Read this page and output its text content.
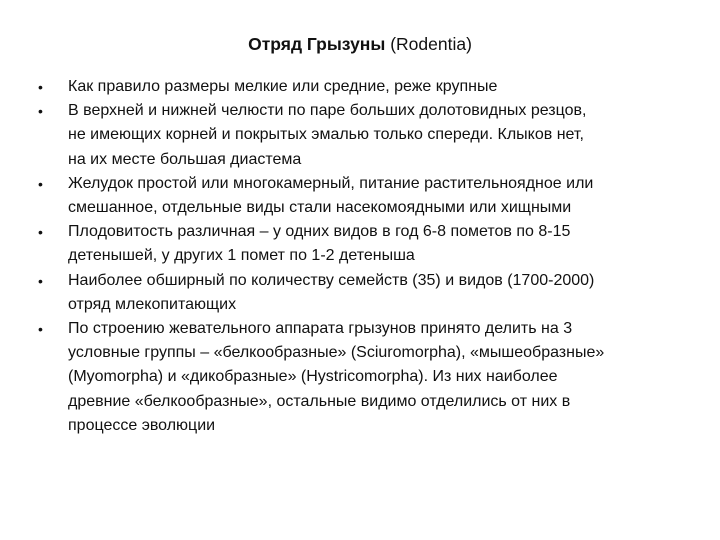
Отряд Грызуны (Rodentia)
• Как правило размеры мелкие или средние, реже крупные
• В верхней и нижней челюсти по паре больших долотовидных резцов,
не имеющих корней и покрытых эмалью только спереди. Клыков нет,
на их месте большая диастема
• Желудок простой или многокамерный, питание растительноядное или
смешанное, отдельные виды стали насекомоядными или хищными
• Плодовитость различная – у одних видов в год 6-8 пометов по 8-15
детенышей, у других 1 помет по 1-2 детеныша
• Наиболее обширный по количеству семейств (35) и видов (1700-2000)
отряд млекопитающих
• По строению жевательного аппарата грызунов принято делить на 3
условные группы – «белкообразные» (Sciuromorpha), «мышеобразные»
(Myomorpha) и «дикобразные» (Hystricomorpha). Из них наиболее
древние «белкообразные», остальные видимо отделились от них в
процессе эволюции
